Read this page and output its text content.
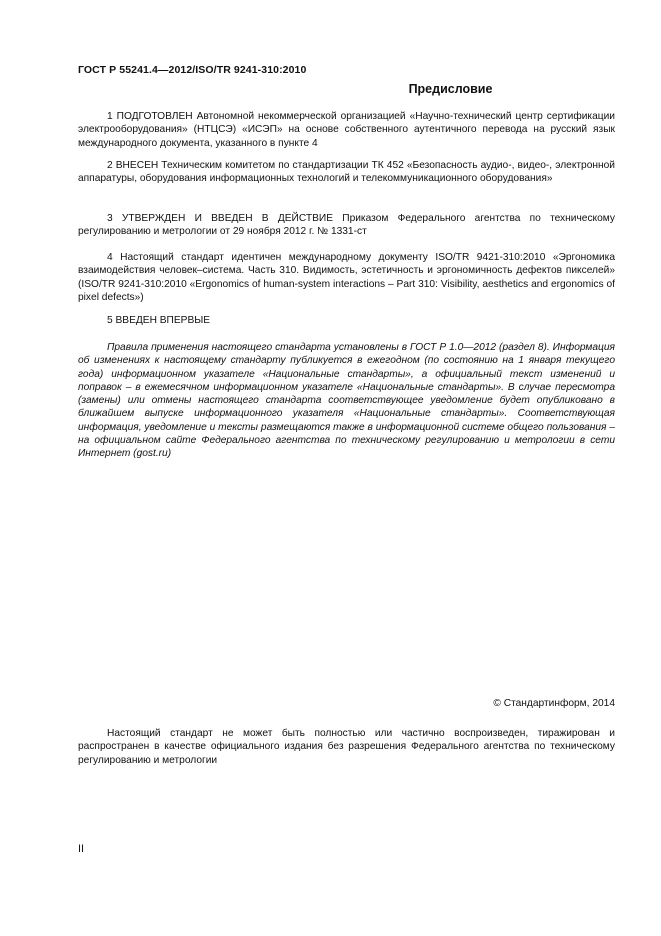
ГОСТ Р 55241.4—2012/ISO/TR 9241-310:2010
Предисловие

1 ПОДГОТОВЛЕН Автономной некоммерческой организацией «Научно-технический центр сертификации электрооборудования» (НТЦСЭ) «ИСЭП» на основе собственного аутентичного перевода на русский язык международного документа, указанного в пункте 4

2 ВНЕСЕН Техническим комитетом по стандартизации ТК 452 «Безопасность аудио-, видео-, электронной аппаратуры, оборудования информационных технологий и телекоммуникационного оборудования»

3 УТВЕРЖДЕН И ВВЕДЕН В ДЕЙСТВИЕ Приказом Федерального агентства по техническому регулированию и метрологии от 29 ноября 2012 г. № 1331-ст

4 Настоящий стандарт идентичен международному документу ISO/TR 9421-310:2010 «Эргономика взаимодействия человек–система. Часть 310. Видимость, эстетичность и эргономичность дефектов пикселей» (ISO/TR 9241-310:2010 «Ergonomics of human-system interactions – Part 310: Visibility, aesthetics and ergonomics of pixel defects»)

5 ВВЕДЕН ВПЕРВЫЕ

Правила применения настоящего стандарта установлены в ГОСТ Р 1.0—2012 (раздел 8). Информация об изменениях к настоящему стандарту публикуется в ежегодном (по состоянию на 1 января текущего года) информационном указателе «Национальные стандарты», а официальный текст изменений и поправок – в ежемесячном информационном указателе «Национальные стандарты». В случае пересмотра (замены) или отмены настоящего стандарта соответствующее уведомление будет опубликовано в ближайшем выпуске информационного указателя «Национальные стандарты». Соответствующая информация, уведомление и тексты размещаются также в информационной системе общего пользования – на официальном сайте Федерального агентства по техническому регулированию и метрологии в сети Интернет (gost.ru)

© Стандартинформ, 2014

Настоящий стандарт не может быть полностью или частично воспроизведен, тиражирован и распространен в качестве официального издания без разрешения Федерального агентства по техническому регулированию и метрологии

II
